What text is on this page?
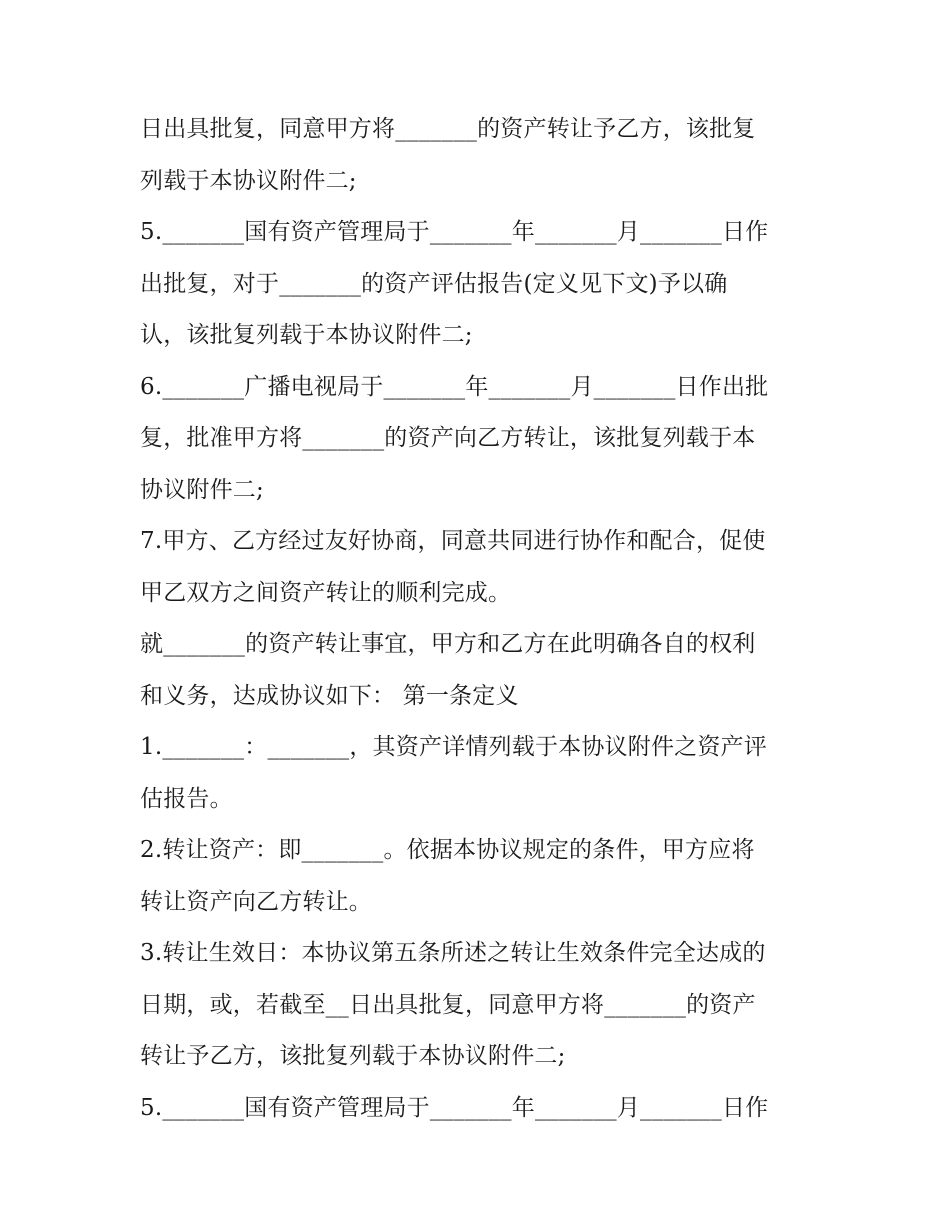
日出具批复，同意甲方将_______的资产转让予乙方，该批复
列载于本协议附件二;
5._______国有资产管理局于_______年_______月_______日作
出批复，对于_______的资产评估报告(定义见下文)予以确
认，该批复列载于本协议附件二;
6._______广播电视局于_______年_______月_______日作出批
复，批准甲方将_______的资产向乙方转让，该批复列载于本
协议附件二;
7.甲方、乙方经过友好协商，同意共同进行协作和配合，促使
甲乙双方之间资产转让的顺利完成。
就_______的资产转让事宜，甲方和乙方在此明确各自的权利
和义务，达成协议如下： 第一条定义
1._______：_______，其资产详情列载于本协议附件之资产评
估报告。
2.转让资产：即_______。依据本协议规定的条件，甲方应将
转让资产向乙方转让。
3.转让生效日：本协议第五条所述之转让生效条件完全达成的
日期，或，若截至__日出具批复，同意甲方将_______的资产
转让予乙方，该批复列载于本协议附件二;
5._______国有资产管理局于_______年_______月_______日作
